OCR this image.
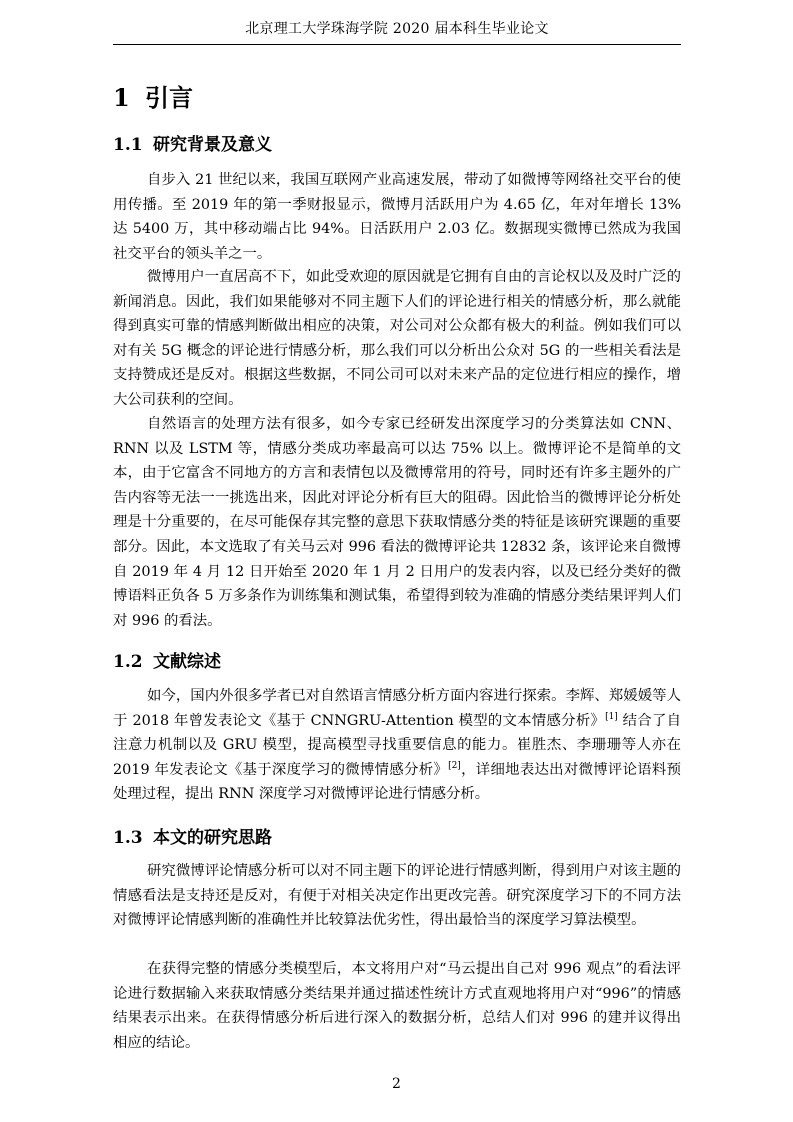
北京理工大学珠海学院 2020 届本科生毕业论文
1 引言
1.1 研究背景及意义

自步入 21 世纪以来，我国互联网产业高速发展，带动了如微博等网络社交平台的使用传播。至 2019 年的第一季财报显示，微博月活跃用户为 4.65 亿，年对年增长 13%达 5400 万，其中移动端占比 94%。日活跃用户 2.03 亿。数据现实微博已然成为我国社交平台的领头羊之一。

微博用户一直居高不下，如此受欢迎的原因就是它拥有自由的言论权以及及时广泛的新闻消息。因此，我们如果能够对不同主题下人们的评论进行相关的情感分析，那么就能得到真实可靠的情感判断做出相应的决策，对公司对公众都有极大的利益。例如我们可以对有关 5G 概念的评论进行情感分析，那么我们可以分析出公众对 5G 的一些相关看法是支持赞成还是反对。根据这些数据，不同公司可以对未来产品的定位进行相应的操作，增大公司获利的空间。

自然语言的处理方法有很多，如今专家已经研发出深度学习的分类算法如 CNN、RNN 以及 LSTM 等，情感分类成功率最高可以达 75% 以上。微博评论不是简单的文本，由于它富含不同地方的方言和表情包以及微博常用的符号，同时还有许多主题外的广告内容等无法一一挑选出来，因此对评论分析有巨大的阻碍。因此恰当的微博评论分析处理是十分重要的，在尽可能保存其完整的意思下获取情感分类的特征是该研究课题的重要部分。因此，本文选取了有关马云对 996 看法的微博评论共 12832 条，该评论来自微博自 2019 年 4 月 12 日开始至 2020 年 1 月 2 日用户的发表内容，以及已经分类好的微博语料正负各 5 万多条作为训练集和测试集，希望得到较为准确的情感分类结果评判人们对 996 的看法。

1.2 文献综述

如今，国内外很多学者已对自然语言情感分析方面内容进行探索。李辉、郑媛媛等人于 2018 年曾发表论文《基于 CNNGRU-Attention 模型的文本情感分析》[1] 结合了自注意力机制以及 GRU 模型，提高模型寻找重要信息的能力。崔胜杰、李珊珊等人亦在 2019 年发表论文《基于深度学习的微博情感分析》[2]，详细地表达出对微博评论语料预处理过程，提出 RNN 深度学习对微博评论进行情感分析。

1.3 本文的研究思路

研究微博评论情感分析可以对不同主题下的评论进行情感判断，得到用户对该主题的情感看法是支持还是反对，有便于对相关决定作出更改完善。研究深度学习下的不同方法对微博评论情感判断的准确性并比较算法优劣性，得出最恰当的深度学习算法模型。

在获得完整的情感分类模型后，本文将用户对“马云提出自己对 996 观点”的看法评论进行数据输入来获取情感分类结果并通过描述性统计方式直观地将用户对“996”的情感结果表示出来。在获得情感分析后进行深入的数据分析，总结人们对 996 的建并议得出相应的结论。

2
